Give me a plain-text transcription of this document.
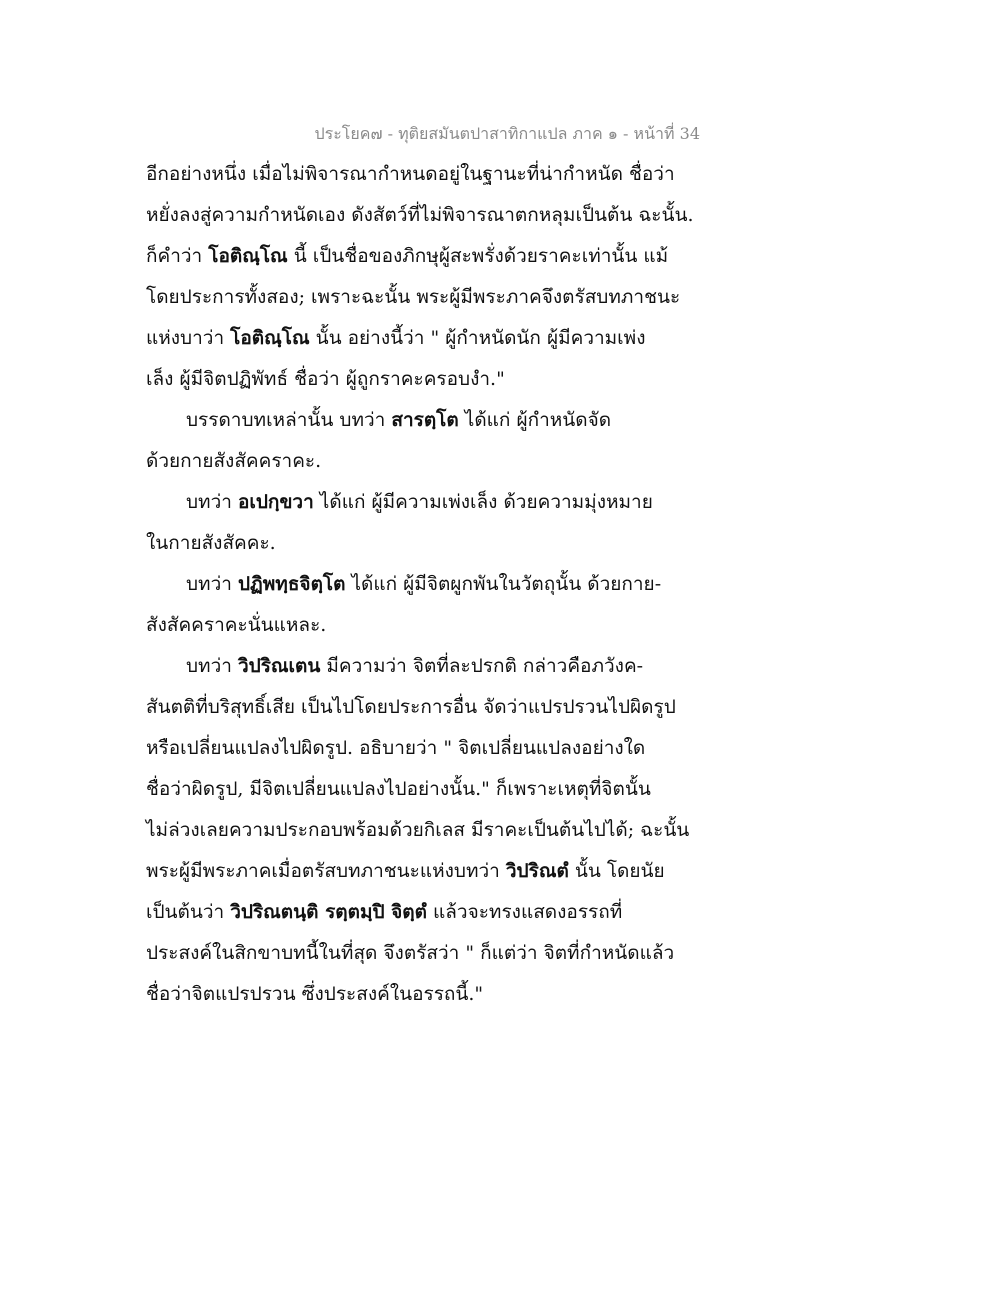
ประโยค๗ - ทุติยสมันตปาสาทิกาแปล ภาค ๑ - หน้าที่ 34
อีกอย่างหนึ่ง เมื่อไม่พิจารณากำหนดอยู่ในฐานะที่น่ากำหนัด ชื่อว่า
หยั่งลงสู่ความกำหนัดเอง ดังสัตว์ที่ไม่พิจารณาตกหลุมเป็นต้น ฉะนั้น.
ก็คำว่า โอติณฺโณ นี้ เป็นชื่อของภิกษุผู้สะพรั่งด้วยราคะเท่านั้น แม้
โดยประการทั้งสอง; เพราะฉะนั้น พระผู้มีพระภาคจึงตรัสบทภาชนะ
แห่งบาว่า โอติณฺโณ นั้น อย่างนี้ว่า " ผู้กำหนัดนัก ผู้มีความเพ่ง
เล็ง ผู้มีจิตปฏิพัทธ์ ชื่อว่า ผู้ถูกราคะครอบงำ."
บรรดาบทเหล่านั้น บทว่า สารตฺโต ได้แก่ ผู้กำหนัดจัด
ด้วยกายสังสัคคราคะ.
บทว่า อเปกฺขวา ได้แก่ ผู้มีความเพ่งเล็ง ด้วยความมุ่งหมาย
ในกายสังสัคคะ.
บทว่า ปฏิพทฺธจิตฺโต ได้แก่ ผู้มีจิตผูกพันในวัตถุนั้น ด้วยกาย-
สังสัคคราคะนั่นแหละ.
บทว่า วิปริณเตน มีความว่า จิตที่ละปรกติ กล่าวคือภวังค-
สันตติที่บริสุทธิ์เสีย เป็นไปโดยประการอื่น จัดว่าแปรปรวนไปผิดรูป
หรือเปลี่ยนแปลงไปผิดรูป. อธิบายว่า " จิตเปลี่ยนแปลงอย่างใด
ชื่อว่าผิดรูป, มีจิตเปลี่ยนแปลงไปอย่างนั้น." ก็เพราะเหตุที่จิตนั้น
ไม่ล่วงเลยความประกอบพร้อมด้วยกิเลส มีราคะเป็นต้นไปได้; ฉะนั้น
พระผู้มีพระภาคเมื่อตรัสบทภาชนะแห่งบทว่า วิปริณตํ นั้น โดยนัย
เป็นต้นว่า วิปริณตนฺติ รตฺตมฺปิ จิตฺตํ แล้วจะทรงแสดงอรรถที่
ประสงค์ในสิกขาบทนี้ในที่สุด จึงตรัสว่า " ก็แต่ว่า จิตที่กำหนัดแล้ว
ชื่อว่าจิตแปรปรวน ซึ่งประสงค์ในอรรถนี้."
